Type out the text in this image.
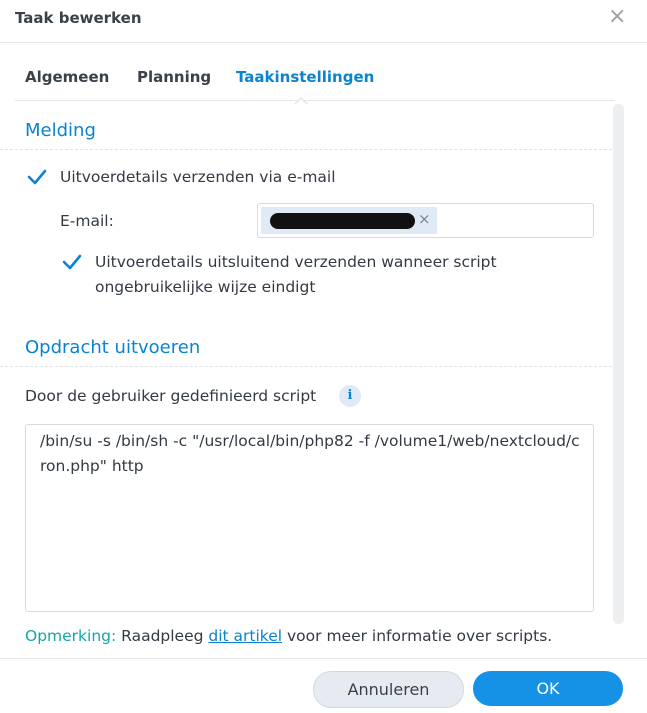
Taak bewerken	×
Algemeen Planning Taakinstellingen
Melding
Uitvoerdetails verzenden via e-mail
E-mail:	×
Uitvoerdetails uitsluitend verzenden wanneer script
ongebruikelijke wijze eindigt
Opdracht uitvoeren
Door de gebruiker gedefinieerd script	i
/bin/su -s /bin/sh -c "/usr/local/bin/php82 -f /volume1/web/nextcloud/cron.php" http
Opmerking: Raadpleeg dit artikel voor meer informatie over scripts.
Annuleren	OK
